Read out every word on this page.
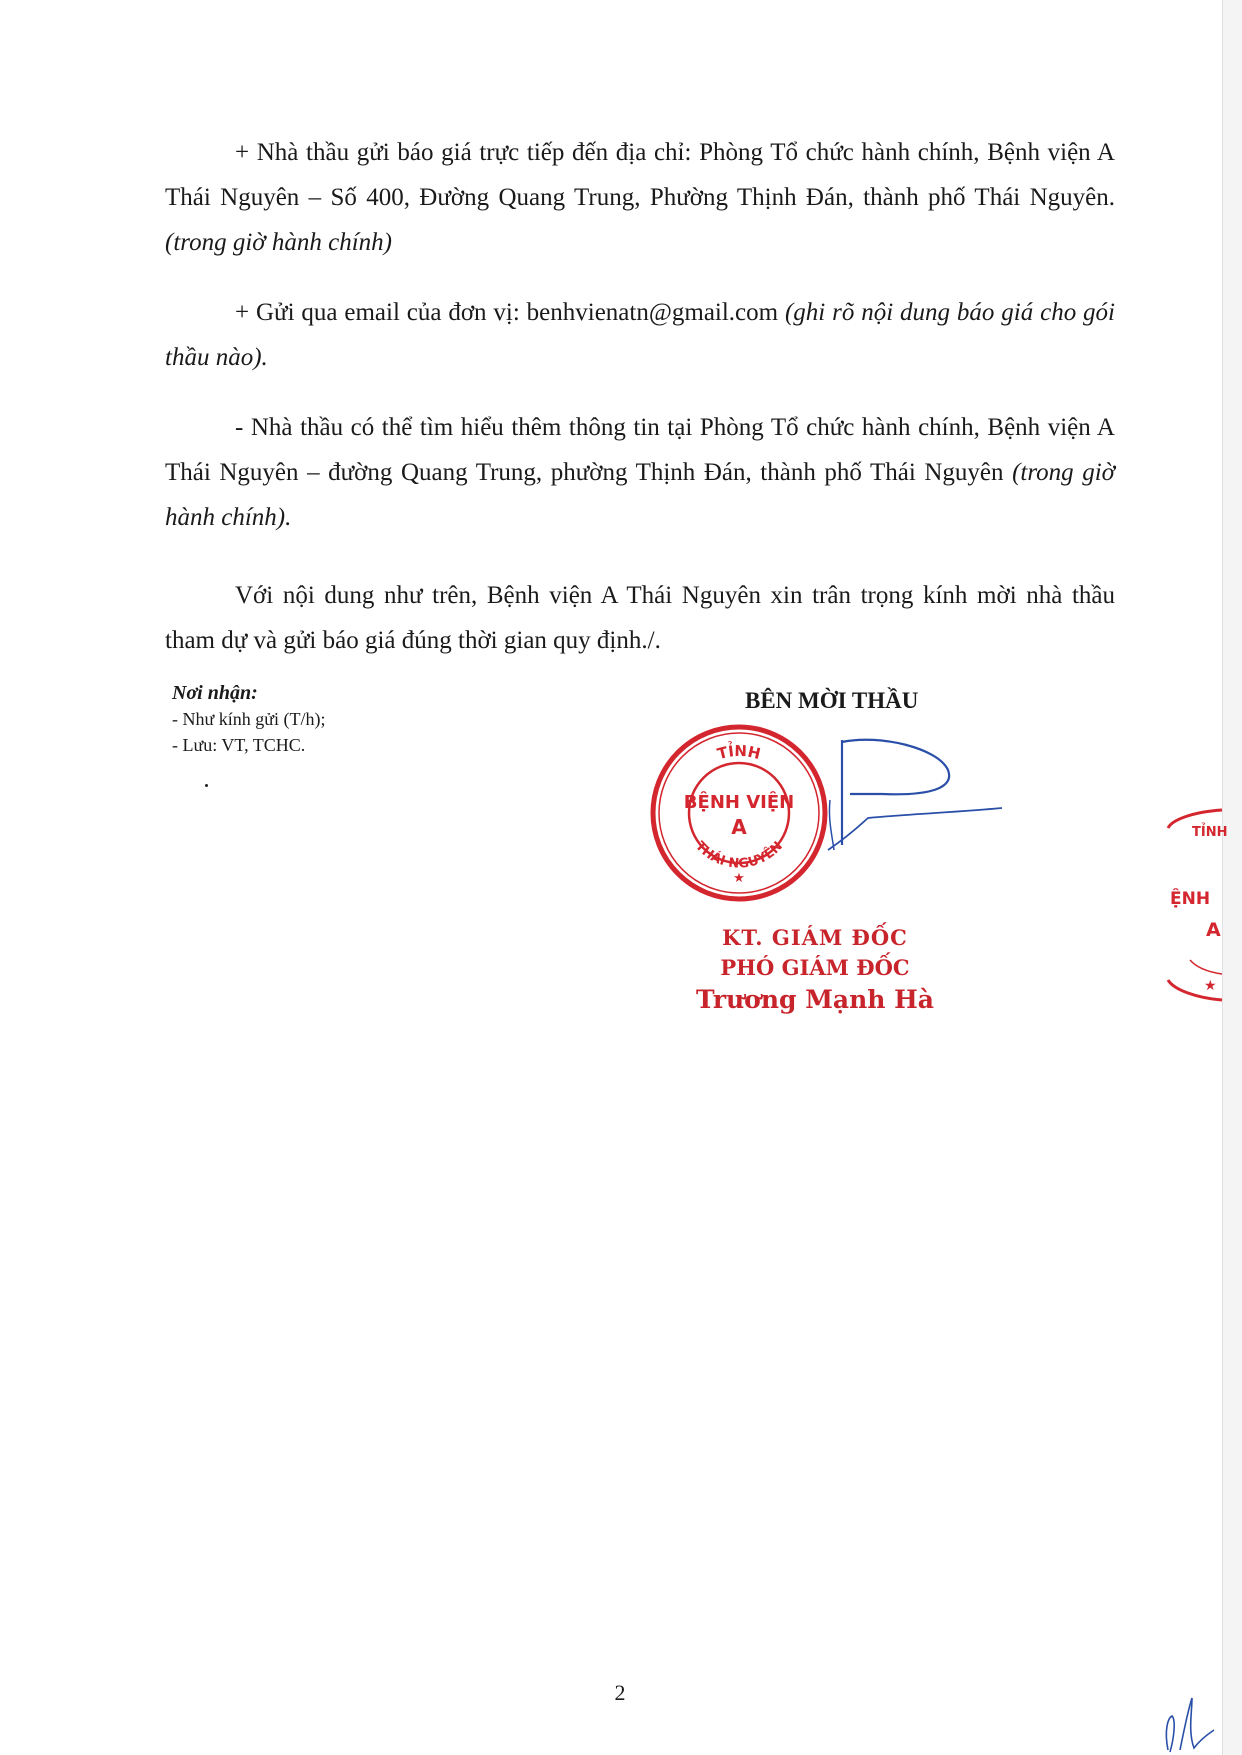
+ Nhà thầu gửi báo giá trực tiếp đến địa chỉ: Phòng Tổ chức hành chính, Bệnh viện A Thái Nguyên – Số 400, Đường Quang Trung, Phường Thịnh Đán, thành phố Thái Nguyên. (trong giờ hành chính)

+ Gửi qua email của đơn vị: benhvienatn@gmail.com (ghi rõ nội dung báo giá cho gói thầu nào).

- Nhà thầu có thể tìm hiểu thêm thông tin tại Phòng Tổ chức hành chính, Bệnh viện A Thái Nguyên – đường Quang Trung, phường Thịnh Đán, thành phố Thái Nguyên (trong giờ hành chính).

Với nội dung như trên, Bệnh viện A Thái Nguyên xin trân trọng kính mời nhà thầu tham dự và gửi báo giá đúng thời gian quy định./.

Nơi nhận:
- Như kính gửi (T/h);
- Lưu: VT, TCHC.
BÊN MỜI THẦU
TỈNH
THÁI NGUYÊN
BỆNH VIỆN
A
★
KT. GIÁM ĐỐC
PHÓ GIÁM ĐỐC
Trương Mạnh Hà
TỈNH
ỆNH
A
★
2
